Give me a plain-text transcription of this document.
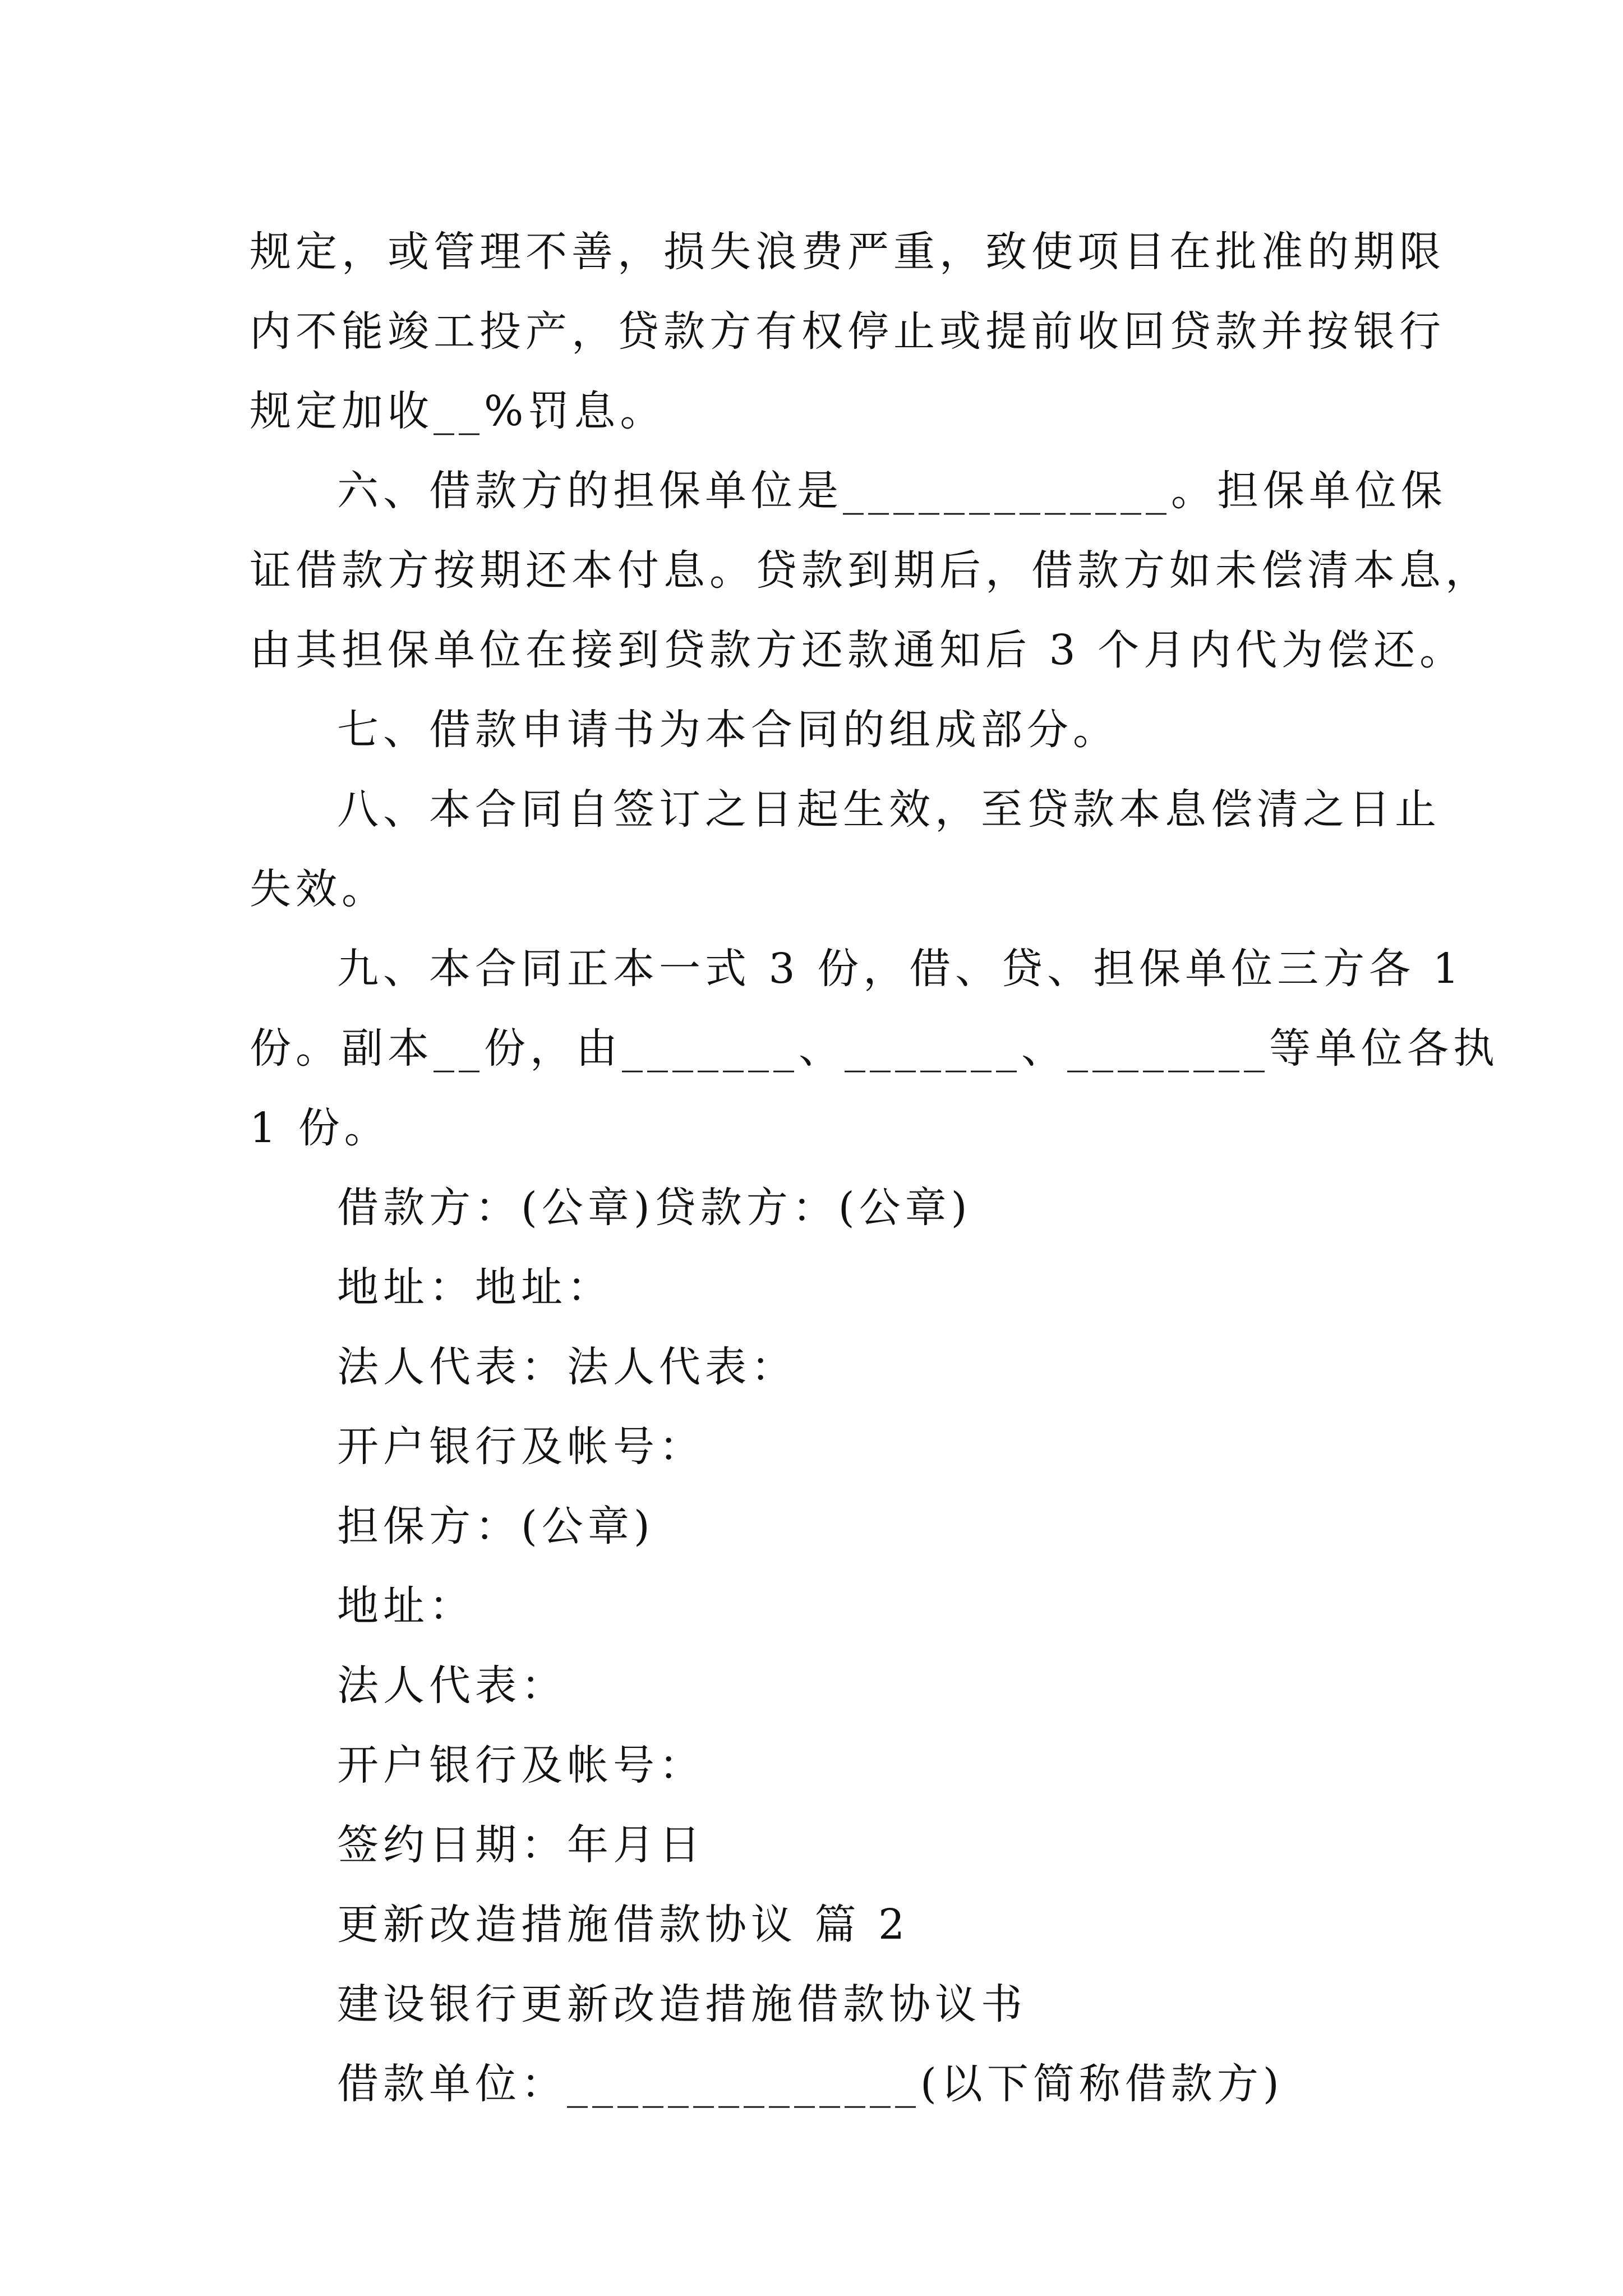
规定，或管理不善，损失浪费严重，致使项目在批准的期限
内不能竣工投产，贷款方有权停止或提前收回贷款并按银行
规定加收__%罚息。
六、借款方的担保单位是_____________。担保单位保
证借款方按期还本付息。贷款到期后，借款方如未偿清本息，
由其担保单位在接到贷款方还款通知后 3 个月内代为偿还。
七、借款申请书为本合同的组成部分。
八、本合同自签订之日起生效，至贷款本息偿清之日止
失效。
九、本合同正本一式 3 份，借、贷、担保单位三方各 1
份。副本__份，由_______、_______、________等单位各执
1 份。
借款方：(公章)贷款方：(公章)
地址：地址：
法人代表：法人代表：
开户银行及帐号：
担保方：(公章)
地址：
法人代表：
开户银行及帐号：
签约日期：年月日
更新改造措施借款协议 篇 2
建设银行更新改造措施借款协议书
借款单位：______________(以下简称借款方)
